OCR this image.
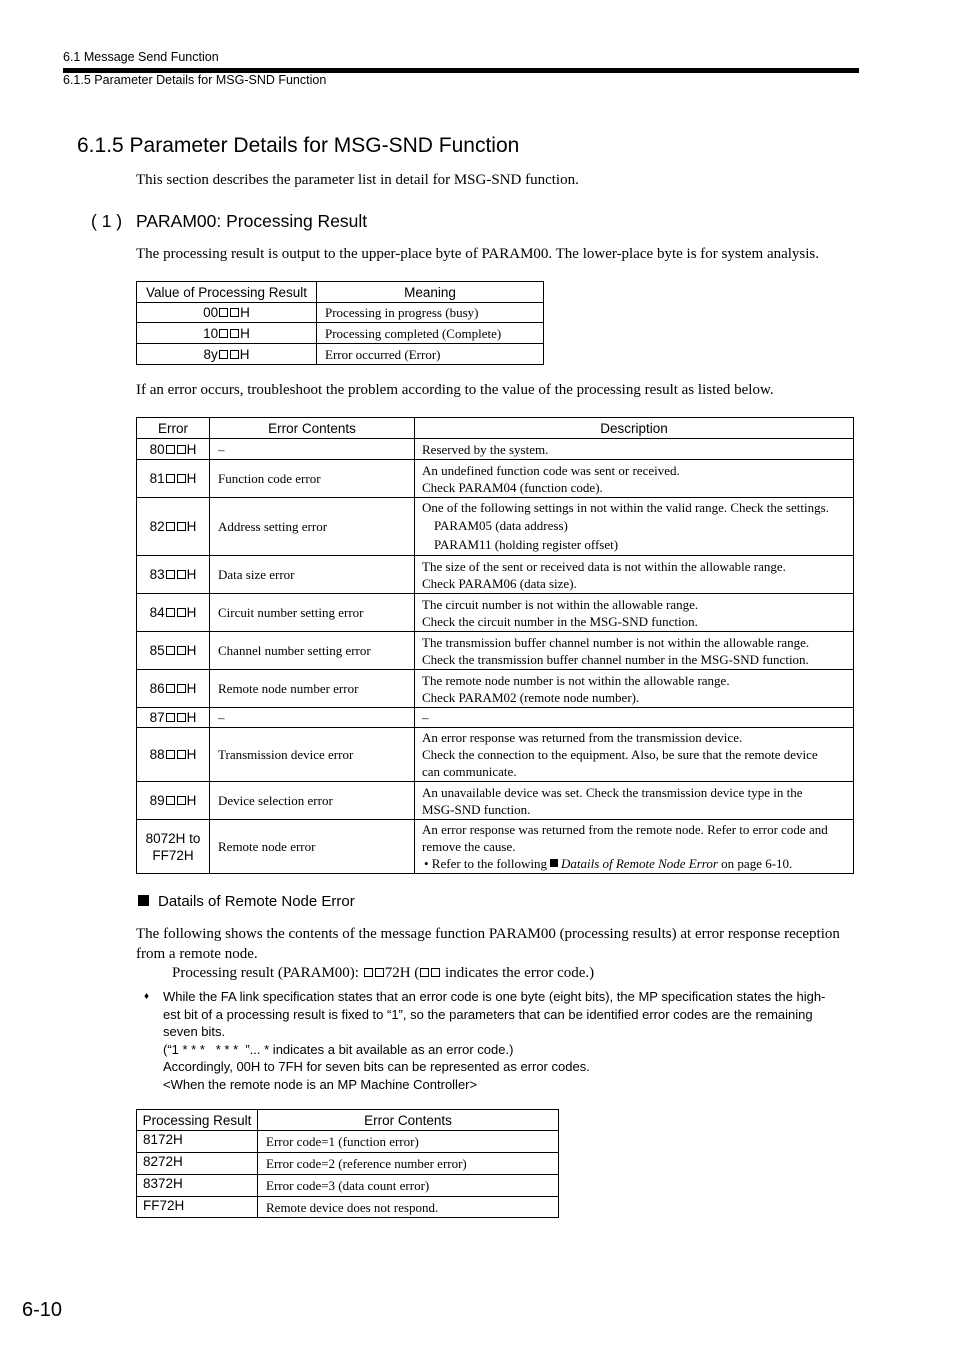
6.1 Message Send Function
6.1.5 Parameter Details for MSG-SND Function
6.1.5 Parameter Details for MSG-SND Function
This section describes the parameter list in detail for MSG-SND function.
( 1 ) PARAM00: Processing Result
The processing result is output to the upper-place byte of PARAM00. The lower-place byte is for system analysis.
Value of Processing Result	Meaning
00 H	Processing in progress (busy)
10 H	Processing completed (Complete)
8y H	Error occurred (Error)
If an error occurs, troubleshoot the problem according to the value of the processing result as listed below.
Error	Error Contents	Description
80 H	–	Reserved by the system.
81 H	Function code error	An undefined function code was sent or received.
Check PARAM04 (function code).
82 H	Address setting error	One of the following settings in not within the valid range. Check the settings.
PARAM05 (data address)
PARAM11 (holding register offset)

83 H	Data size error	The size of the sent or received data is not within the allowable range.
Check PARAM06 (data size).
84 H	Circuit number setting error	The circuit number is not within the allowable range.
Check the circuit number in the MSG-SND function.
85 H	Channel number setting error	The transmission buffer channel number is not within the allowable range.
Check the transmission buffer channel number in the MSG-SND function.
86 H	Remote node number error	The remote node number is not within the allowable range.
Check PARAM02 (remote node number).
87 H	–	–
88 H	Transmission device error	An error response was returned from the transmission device.
Check the connection to the equipment. Also, be sure that the remote device
can communicate.
89 H	Device selection error	An unavailable device was set. Check the transmission device type in the
MSG-SND function.
8072H to
FF72H	Remote node error	An error response was returned from the remote node. Refer to error code and
remove the cause.
• Refer to the following Datails of Remote Node Error on page 6-10.
Datails of Remote Node Error
The following shows the contents of the message function PARAM00 (processing results) at error response reception from a remote node.
Processing result (PARAM00): 72H ( indicates the error code.)
♦ While the FA link specification states that an error code is one byte (eight bits), the MP specification states the high-
est bit of a processing result is fixed to “1”, so the parameters that can be identified error codes are the remaining
seven bits.
(“1 * * *   * * *  ”... * indicates a bit available as an error code.)
Accordingly, 00H to 7FH for seven bits can be represented as error codes.
<When the remote node is an MP Machine Controller>
Processing Result	Error Contents
8172H	Error code=1 (function error)
8272H	Error code=2 (reference number error)
8372H	Error code=3 (data count error)
FF72H	Remote device does not respond.
6-10
